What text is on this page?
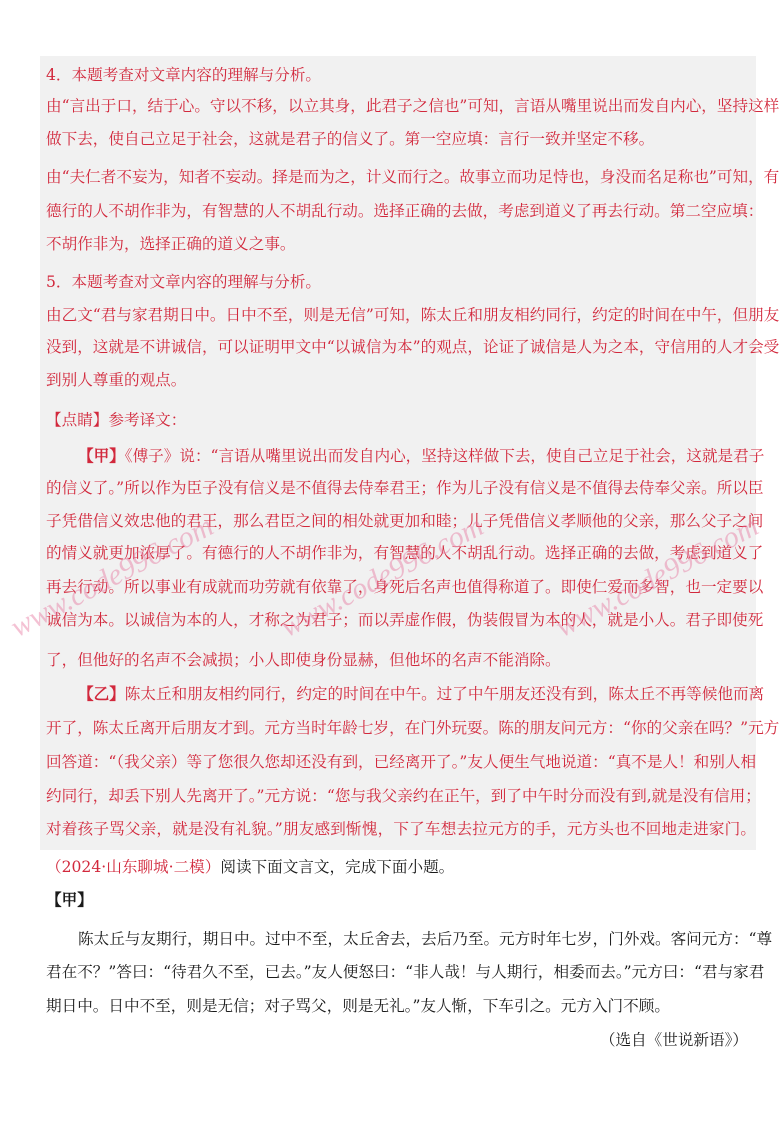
4．本题考查对文章内容的理解与分析。
由“言出于口，结于心。守以不移，以立其身，此君子之信也”可知，言语从嘴里说出而发自内心，坚持这样
做下去，使自己立足于社会，这就是君子的信义了。第一空应填：言行一致并坚定不移。
由“夫仁者不妄为，知者不妄动。择是而为之，计义而行之。故事立而功足恃也，身没而名足称也”可知，有
德行的人不胡作非为，有智慧的人不胡乱行动。选择正确的去做，考虑到道义了再去行动。第二空应填：
不胡作非为，选择正确的道义之事。
5．本题考查对文章内容的理解与分析。
由乙文“君与家君期日中。日中不至，则是无信”可知，陈太丘和朋友相约同行，约定的时间在中午，但朋友
没到，这就是不讲诚信，可以证明甲文中“以诚信为本”的观点，论证了诚信是人为之本，守信用的人才会受
到别人尊重的观点。
【点睛】参考译文：
【甲】《傅子》说：“言语从嘴里说出而发自内心，坚持这样做下去，使自己立足于社会，这就是君子
的信义了。”所以作为臣子没有信义是不值得去侍奉君王；作为儿子没有信义是不值得去侍奉父亲。所以臣
子凭借信义效忠他的君王，那么君臣之间的相处就更加和睦；儿子凭借信义孝顺他的父亲，那么父子之间
的情义就更加浓厚了。有德行的人不胡作非为，有智慧的人不胡乱行动。选择正确的去做，考虑到道义了
再去行动。所以事业有成就而功劳就有依靠了，身死后名声也值得称道了。即使仁爱而多智，也一定要以
诚信为本。以诚信为本的人，才称之为君子；而以弄虚作假，伪装假冒为本的人，就是小人。君子即使死
了，但他好的名声不会减损；小人即使身份显赫，但他坏的名声不能消除。
【乙】陈太丘和朋友相约同行，约定的时间在中午。过了中午朋友还没有到，陈太丘不再等候他而离
开了，陈太丘离开后朋友才到。元方当时年龄七岁，在门外玩耍。陈的朋友问元方：“你的父亲在吗？”元方
回答道：“（我父亲）等了您很久您却还没有到，已经离开了。”友人便生气地说道：“真不是人！和别人相
约同行，却丢下别人先离开了。”元方说：“您与我父亲约在正午，到了中午时分而没有到,就是没有信用；
对着孩子骂父亲，就是没有礼貌。”朋友感到惭愧，下了车想去拉元方的手，元方头也不回地走进家门。
www.code996.com www.code996.com www.code996.com
（2024·山东聊城·二模）阅读下面文言文，完成下面小题。
【甲】
陈太丘与友期行，期日中。过中不至，太丘舍去，去后乃至。元方时年七岁，门外戏。客问元方：“尊
君在不？”答曰：“待君久不至，已去。”友人便怒曰：“非人哉！与人期行，相委而去。”元方曰：“君与家君
期日中。日中不至，则是无信；对子骂父，则是无礼。”友人惭，下车引之。元方入门不顾。
（选自《世说新语》）
